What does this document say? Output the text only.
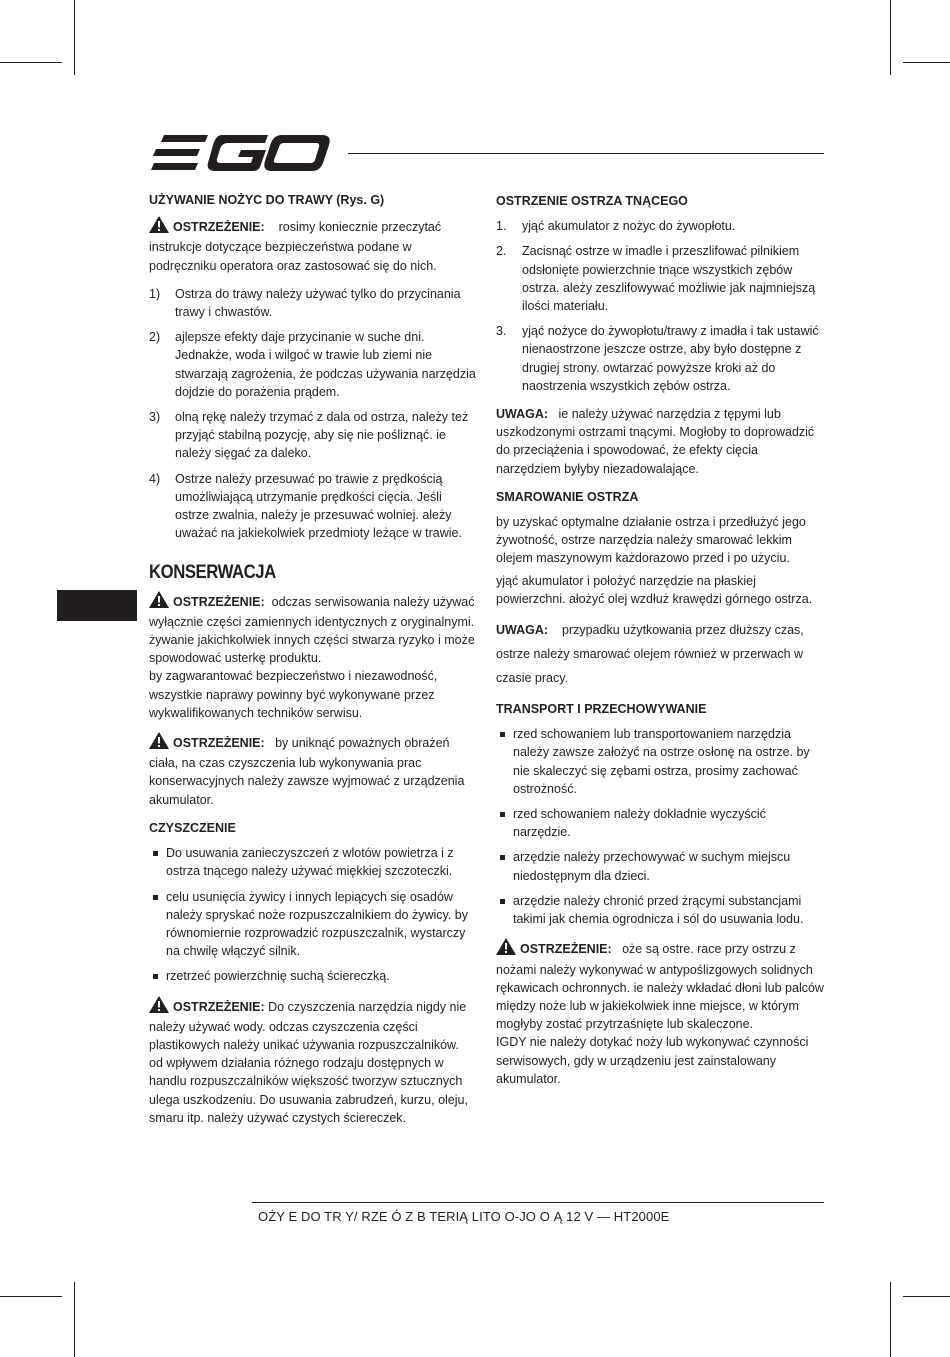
UŻYWANIE NOŻYC DO TRAWY (Rys. G)
OSTRZEŻENIE: rosimy koniecznie przeczytać instrukcje dotyczące bezpieczeństwa podane w podręczniku operatora oraz zastosować się do nich.
1) Ostrza do trawy należy używać tylko do przycinania trawy i chwastów.
2) ajlepsze efekty daje przycinanie w suche dni. Jednakże, woda i wilgoć w trawie lub ziemi nie stwarzają zagrożenia, że podczas używania narzędzia dojdzie do porażenia prądem.
3) olną rękę należy trzymać z dala od ostrza, należy też przyjąć stabilną pozycję, aby się nie pośliznąć. ie należy sięgać za daleko.
4) Ostrze należy przesuwać po trawie z prędkością umożliwiającą utrzymanie prędkości cięcia. Jeśli ostrze zwalnia, należy je przesuwać wolniej. ależy uważać na jakiekolwiek przedmioty leżące w trawie.
KONSERWACJA
OSTRZEŻENIE: odczas serwisowania należy używać wyłącznie części zamiennych identycznych z oryginalnymi. żywanie jakichkolwiek innych części stwarza ryzyko i może spowodować usterkę produktu.
by zagwarantować bezpieczeństwo i niezawodność, wszystkie naprawy powinny być wykonywane przez wykwalifikowanych techników serwisu.
OSTRZEŻENIE: by uniknąć poważnych obrażeń ciała, na czas czyszczenia lub wykonywania prac konserwacyjnych należy zawsze wyjmować z urządzenia akumulator.
CZYSZCZENIE
Do usuwania zanieczyszczeń z wlotów powietrza i z ostrza tnącego należy używać miękkiej szczoteczki.
celu usunięcia żywicy i innych lepiących się osadów należy spryskać noże rozpuszczalnikiem do żywicy. by równomiernie rozprowadzić rozpuszczalnik, wystarczy na chwilę włączyć silnik.
rzetrzeć powierzchnię suchą ściereczką.
OSTRZEŻENIE: Do czyszczenia narzędzia nigdy nie należy używać wody. odczas czyszczenia części plastikowych należy unikać używania rozpuszczalników.
od wpływem działania różnego rodzaju dostępnych w handlu rozpuszczalników większość tworzyw sztucznych ulega uszkodzeniu. Do usuwania zabrudzeń, kurzu, oleju, smaru itp. należy używać czystych ściereczek.
OSTRZENIE OSTRZA TNĄCEGO
1. yjąć akumulator z nożyc do żywopłotu.
2. Zacisnąć ostrze w imadle i przeszlifować pilnikiem odsłonięte powierzchnie tnące wszystkich zębów ostrza. ależy zeszlifowywać możliwie jak najmniejszą ilości materiału.
3. yjąć nożyce do żywopłotu/trawy z imadła i tak ustawić nienaostrzone jeszcze ostrze, aby było dostępne z drugiej strony. owtarzać powyższe kroki aż do naostrzenia wszystkich zębów ostrza.
UWAGA: ie należy używać narzędzia z tępymi lub uszkodzonymi ostrzami tnącymi. Mogłoby to doprowadzić do przeciążenia i spowodować, że efekty cięcia narzędziem byłyby niezadowalające.
SMAROWANIE OSTRZA
by uzyskać optymalne działanie ostrza i przedłużyć jego żywotność, ostrze narzędzia należy smarować lekkim olejem maszynowym każdorazowo przed i po użyciu.
yjąć akumulator i położyć narzędzie na płaskiej powierzchni. ałożyć olej wzdłuż krawędzi górnego ostrza.
UWAGA: przypadku użytkowania przez dłuższy czas, ostrze należy smarować olejem również w przerwach w czasie pracy.
TRANSPORT I PRZECHOWYWANIE
rzed schowaniem lub transportowaniem narzędzia należy zawsze założyć na ostrze osłonę na ostrze. by nie skaleczyć się zębami ostrza, prosimy zachować ostrożność.
rzed schowaniem należy dokładnie wyczyścić narzędzie.
arzędzie należy przechowywać w suchym miejscu niedostępnym dla dzieci.
arzędzie należy chronić przed żrącymi substancjami takimi jak chemia ogrodnicza i sól do usuwania lodu.
OSTRZEŻENIE: oże są ostre. race przy ostrzu z nożami należy wykonywać w antypoślizgowych solidnych rękawicach ochronnych. ie należy wkładać dłoni lub palców między noże lub w jakiekolwiek inne miejsce, w którym mogłyby zostać przytrzaśnięte lub skaleczone.
IGDY nie należy dotykać noży lub wykonywać czynności serwisowych, gdy w urządzeniu jest zainstalowany akumulator.
OŻY E DO TR Y/ RZE Ó Z B TERIĄ LITO O-JO O Ą 12 V — HT2000E
